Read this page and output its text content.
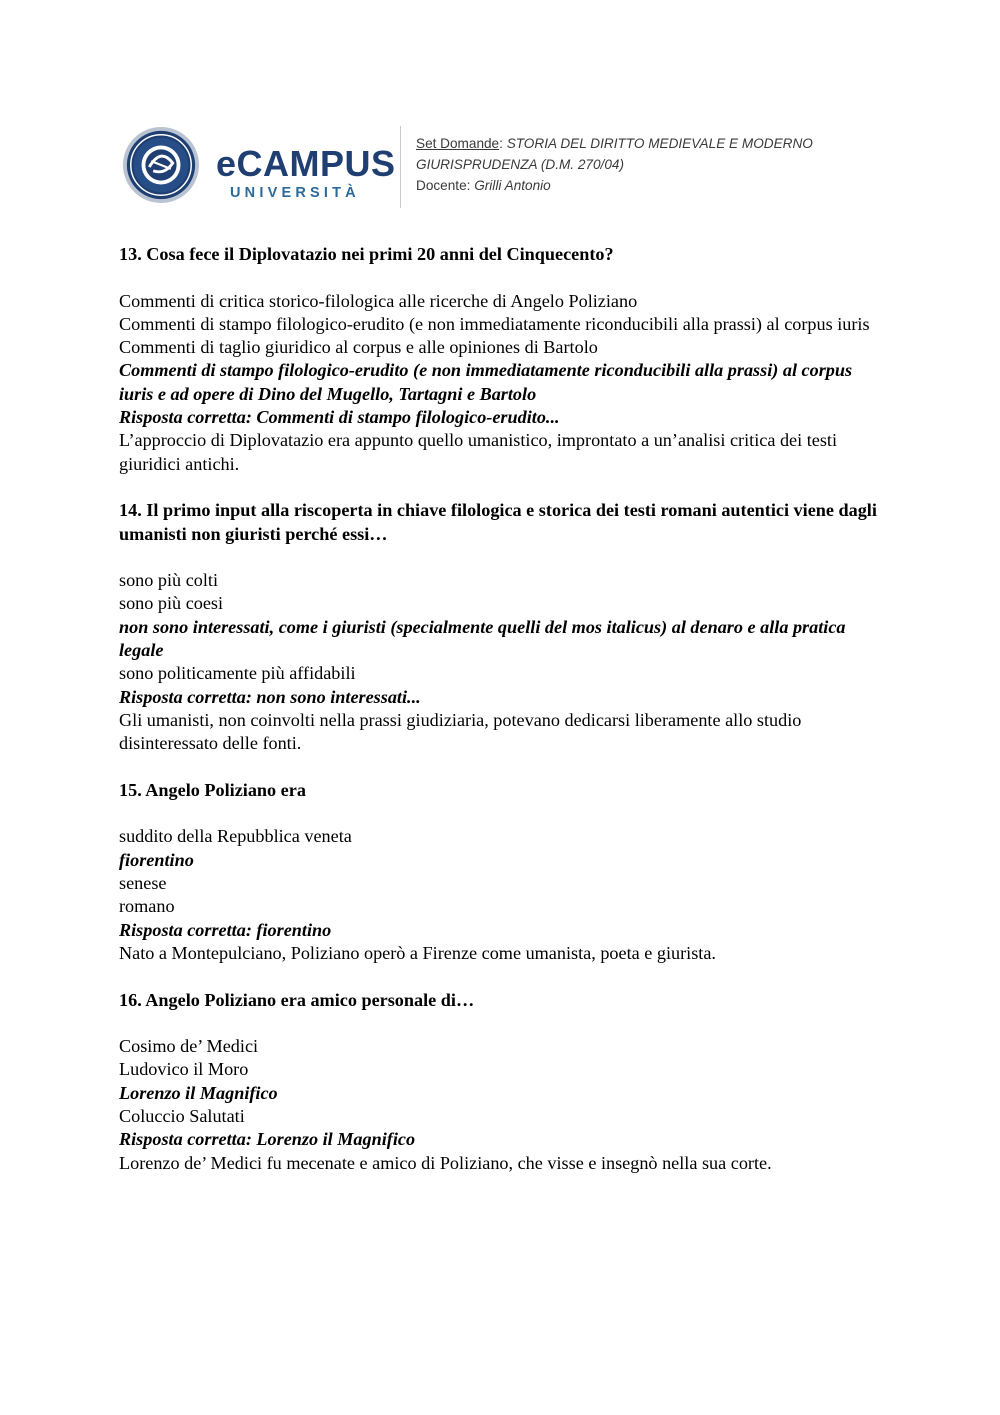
eCAMPUS
UNIVERSITÀ
Set Domande: STORIA DEL DIRITTO MEDIEVALE E MODERNO
GIURISPRUDENZA (D.M. 270/04)
Docente: Grilli Antonio

13. Cosa fece il Diplovatazio nei primi 20 anni del Cinquecento?

Commenti di critica storico-filologica alle ricerche di Angelo Poliziano

Commenti di stampo filologico-erudito (e non immediatamente riconducibili alla prassi) al corpus iuris

Commenti di taglio giuridico al corpus e alle opiniones di Bartolo

Commenti di stampo filologico-erudito (e non immediatamente riconducibili alla prassi) al corpus iuris e ad opere di Dino del Mugello, Tartagni e Bartolo

Risposta corretta: Commenti di stampo filologico-erudito...

L’approccio di Diplovatazio era appunto quello umanistico, improntato a un’analisi critica dei testi giuridici antichi.

14. Il primo input alla riscoperta in chiave filologica e storica dei testi romani autentici viene dagli umanisti non giuristi perché essi…

sono più colti

sono più coesi

non sono interessati, come i giuristi (specialmente quelli del mos italicus) al denaro e alla pratica legale

sono politicamente più affidabili

Risposta corretta: non sono interessati...

Gli umanisti, non coinvolti nella prassi giudiziaria, potevano dedicarsi liberamente allo studio disinteressato delle fonti.

15. Angelo Poliziano era

suddito della Repubblica veneta

fiorentino

senese

romano

Risposta corretta: fiorentino

Nato a Montepulciano, Poliziano operò a Firenze come umanista, poeta e giurista.

16. Angelo Poliziano era amico personale di…

Cosimo de’ Medici

Ludovico il Moro

Lorenzo il Magnifico

Coluccio Salutati

Risposta corretta: Lorenzo il Magnifico

Lorenzo de’ Medici fu mecenate e amico di Poliziano, che visse e insegnò nella sua corte.
